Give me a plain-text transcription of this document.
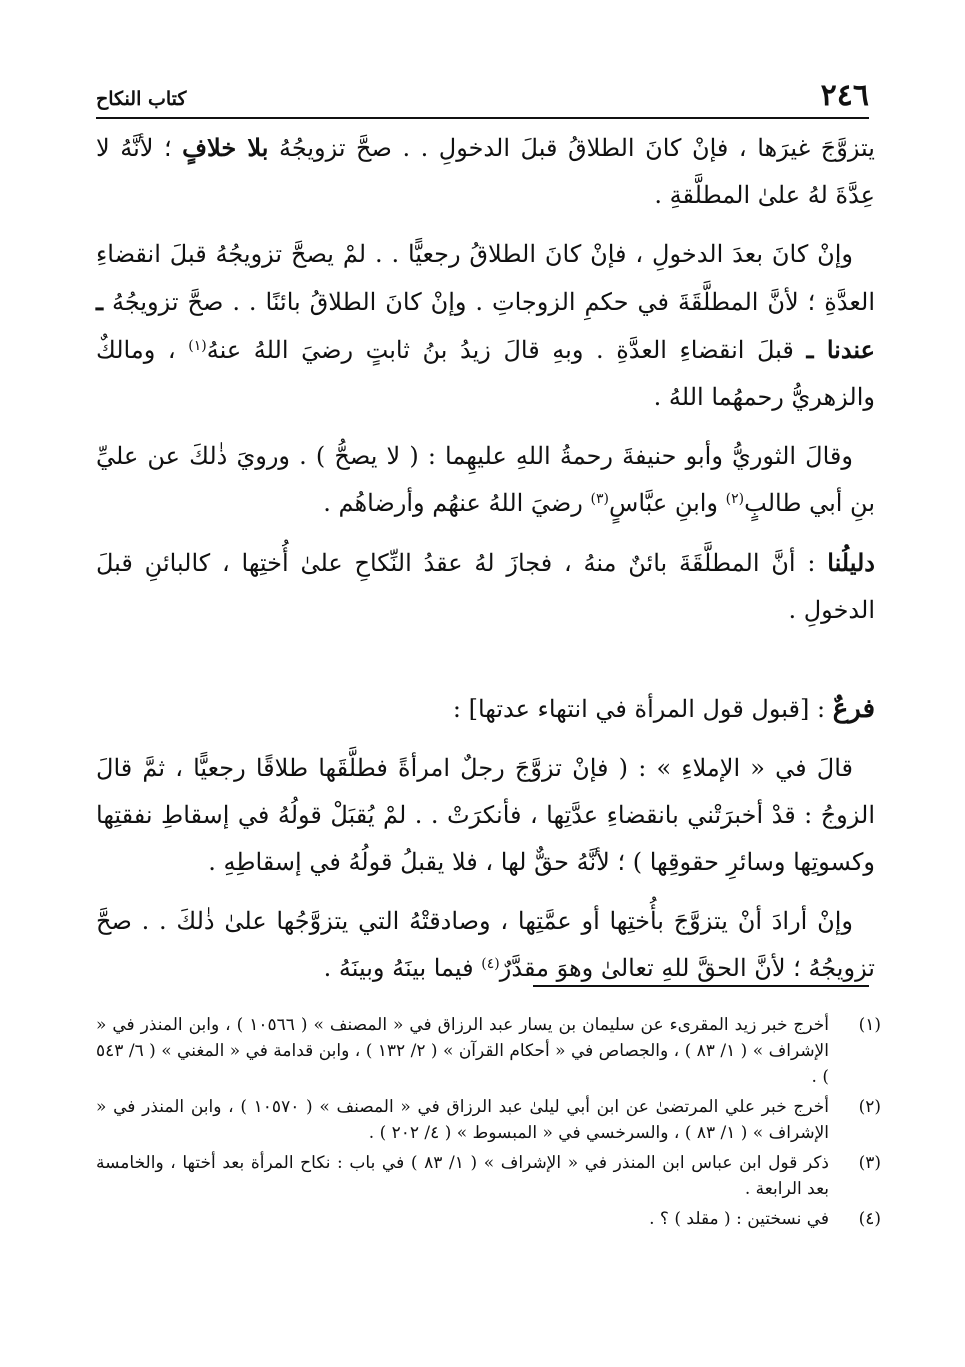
٢٤٦
كتاب النكاح

يتزوَّجَ غيرَها ، فإنْ كانَ الطلاقُ قبلَ الدخولِ . . صحَّ تزويجُهُ بلا خلافٍ ؛ لأنَّهُ لا عِدَّةَ لهُ علىٰ المطلَّقةِ .

وإنْ كانَ بعدَ الدخولِ ، فإنْ كانَ الطلاقُ رجعيًّا . . لمْ يصحَّ تزويجُهُ قبلَ انقضاءِ العدَّةِ ؛ لأنَّ المطلَّقَةَ في حكمِ الزوجاتِ . وإنْ كانَ الطلاقُ بائنًا . . صحَّ تزويجُهُ ـ عندنا ـ قبلَ انقضاءِ العدَّةِ . وبهِ قالَ زيدُ بنُ ثابتٍ رضيَ اللهُ عنهُ$^{(١)}$ ، ومالكٌ والزهريُّ رحمهُما اللهُ .

وقالَ الثوريُّ وأبو حنيفةَ رحمةُ اللهِ عليهِما : ( لا يصحُّ ) . ورويَ ذٰلكَ عن عليِّ بنِ أبي طالبٍ$^{(٢)}$ وابنِ عبَّاسٍ$^{(٣)}$ رضيَ اللهُ عنهُم وأرضاهُم .

دليلُنا : أنَّ المطلَّقَةَ بائنٌ منهُ ، فجازَ لهُ عقدُ النِّكاحِ علىٰ أُختِها ، كالبائنِ قبلَ الدخولِ .

فرعٌ : [قبول قول المرأة في انتهاء عدتها] :

قالَ في « الإملاءِ » : ( فإنْ تزوَّجَ رجلٌ امرأةً فطلَّقَها طلاقًا رجعيًّا ، ثمَّ قالَ الزوجُ : قدْ أخبرَتْني بانقضاءِ عدَّتِها ، فأنكرَتْ . . لمْ يُقبَلْ قولُهُ في إسقاطِ نفقتِها وكسوتِها وسائرِ حقوقِها ) ؛ لأنَّهُ حقٌّ لها ، فلا يقبلُ قولُهُ في إسقاطِهِ .

وإنْ أرادَ أنْ يتزوَّجَ بأُختِها أو عمَّتِها ، وصادقتْهُ التي يتزوَّجُها علىٰ ذٰلكَ . . صحَّ تزويجُهُ ؛ لأنَّ الحقَّ للهِ تعالىٰ وهوَ مقدَّرٌ$^{(٤)}$ فيما بينَهُ وبينَهُ .

(١)
أخرج خبر زيد المقرىء عن سليمان بن يسار عبد الرزاق في « المصنف » ( ١٠٥٦٦ ) ، وابن المنذر في « الإشراف » ( ١/ ٨٣ ) ، والجصاص في « أحكام القرآن » ( ٢/ ١٣٢ ) ، وابن قدامة في « المغني » ( ٦/ ٥٤٣ ) .
(٢)
أخرج خبر علي المرتضىٰ عن ابن أبي ليلىٰ عبد الرزاق في « المصنف » ( ١٠٥٧٠ ) ، وابن المنذر في « الإشراف » ( ١/ ٨٣ ) ، والسرخسي في « المبسوط » ( ٤/ ٢٠٢ ) .
(٣)
ذكر قول ابن عباس ابن المنذر في « الإشراف » ( ١/ ٨٣ ) في باب : نكاح المرأة بعد أختها ، والخامسة بعد الرابعة .
(٤)
في نسختين : ( مقلد ) ؟ .
